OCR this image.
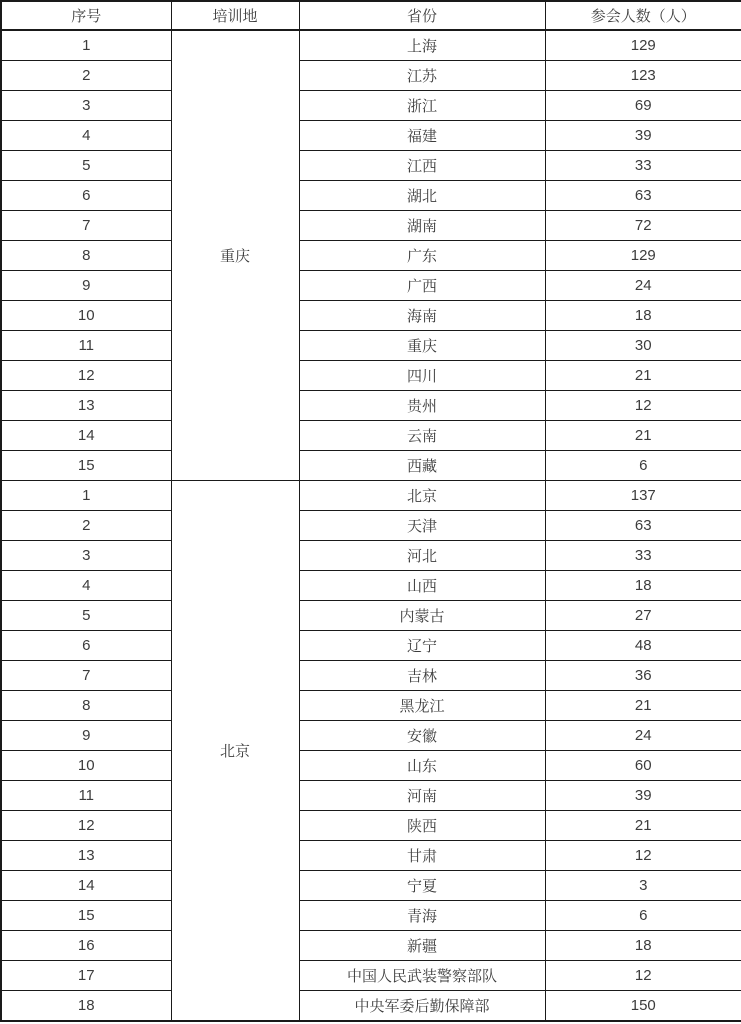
序号	培训地	省份	参会人数（人）
1	重庆	上海	129
2		江苏	123
3		浙江	69
4		福建	39
5		江西	33
6		湖北	63
7		湖南	72
8		广东	129
9		广西	24
10		海南	18
11		重庆	30
12		四川	21
13		贵州	12
14		云南	21
15		西藏	6
1	北京	北京	137
2		天津	63
3		河北	33
4		山西	18
5		内蒙古	27
6		辽宁	48
7		吉林	36
8		黑龙江	21
9		安徽	24
10		山东	60
11		河南	39
12		陕西	21
13		甘肃	12
14		宁夏	3
15		青海	6
16		新疆	18
17		中国人民武装警察部队	12
18		中央军委后勤保障部	150
